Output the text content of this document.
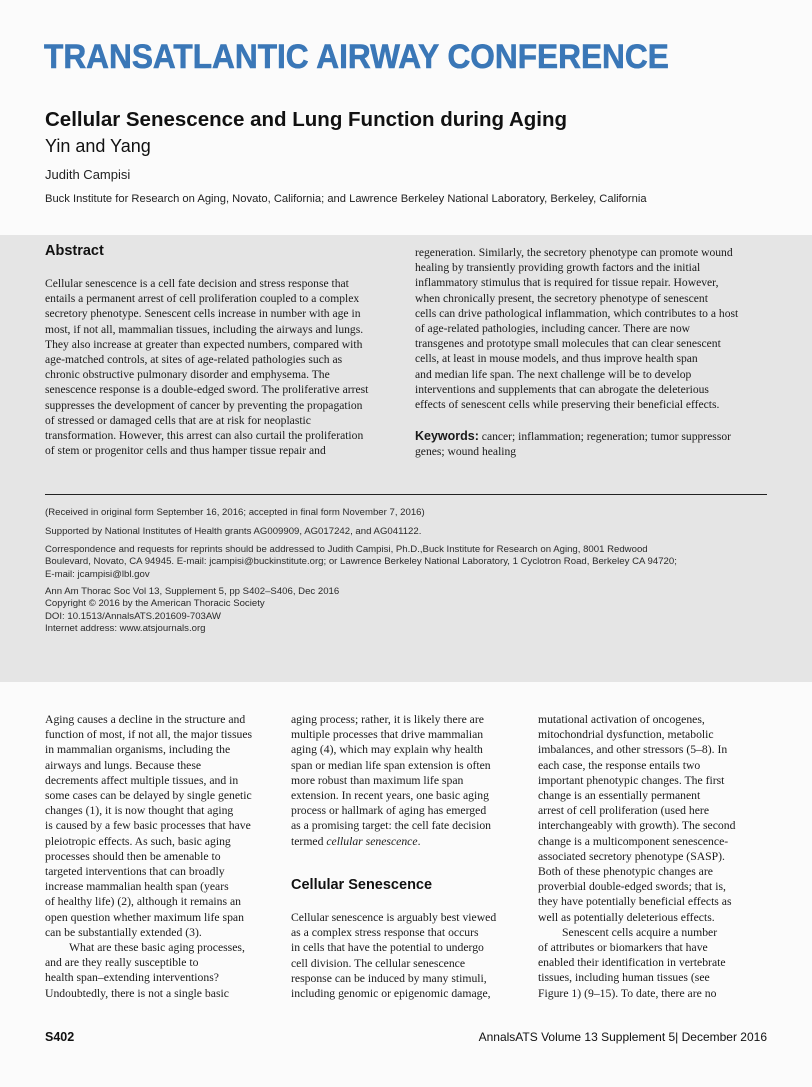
TRANSATLANTIC AIRWAY CONFERENCE
Cellular Senescence and Lung Function during Aging
Yin and Yang
Judith Campisi
Buck Institute for Research on Aging, Novato, California; and Lawrence Berkeley National Laboratory, Berkeley, California
Abstract
Cellular senescence is a cell fate decision and stress response that
entails a permanent arrest of cell proliferation coupled to a complex
secretory phenotype. Senescent cells increase in number with age in
most, if not all, mammalian tissues, including the airways and lungs.
They also increase at greater than expected numbers, compared with
age-matched controls, at sites of age-related pathologies such as
chronic obstructive pulmonary disorder and emphysema. The
senescence response is a double-edged sword. The proliferative arrest
suppresses the development of cancer by preventing the propagation
of stressed or damaged cells that are at risk for neoplastic
transformation. However, this arrest can also curtail the proliferation
of stem or progenitor cells and thus hamper tissue repair and
regeneration. Similarly, the secretory phenotype can promote wound
healing by transiently providing growth factors and the initial
inflammatory stimulus that is required for tissue repair. However,
when chronically present, the secretory phenotype of senescent
cells can drive pathological inflammation, which contributes to a host
of age-related pathologies, including cancer. There are now
transgenes and prototype small molecules that can clear senescent
cells, at least in mouse models, and thus improve health span
and median life span. The next challenge will be to develop
interventions and supplements that can abrogate the deleterious
effects of senescent cells while preserving their beneficial effects.
Keywords: cancer; inflammation; regeneration; tumor suppressor
genes; wound healing
(Received in original form September 16, 2016; accepted in final form November 7, 2016)
Supported by National Institutes of Health grants AG009909, AG017242, and AG041122.
Correspondence and requests for reprints should be addressed to Judith Campisi, Ph.D.,Buck Institute for Research on Aging, 8001 Redwood
Boulevard, Novato, CA 94945. E-mail: jcampisi@buckinstitute.org; or Lawrence Berkeley National Laboratory, 1 Cyclotron Road, Berkeley CA 94720;
E-mail: jcampisi@lbl.gov
Ann Am Thorac Soc Vol 13, Supplement 5, pp S402–S406, Dec 2016
Copyright © 2016 by the American Thoracic Society
DOI: 10.1513/AnnalsATS.201609-703AW
Internet address: www.atsjournals.org
Aging causes a decline in the structure and
function of most, if not all, the major tissues
in mammalian organisms, including the
airways and lungs. Because these
decrements affect multiple tissues, and in
some cases can be delayed by single genetic
changes (1), it is now thought that aging
is caused by a few basic processes that have
pleiotropic effects. As such, basic aging
processes should then be amenable to
targeted interventions that can broadly
increase mammalian health span (years
of healthy life) (2), although it remains an
open question whether maximum life span
can be substantially extended (3).
What are these basic aging processes,
and are they really susceptible to
health span–extending interventions?
Undoubtedly, there is not a single basic
aging process; rather, it is likely there are
multiple processes that drive mammalian
aging (4), which may explain why health
span or median life span extension is often
more robust than maximum life span
extension. In recent years, one basic aging
process or hallmark of aging has emerged
as a promising target: the cell fate decision
termed cellular senescence.
Cellular Senescence
Cellular senescence is arguably best viewed
as a complex stress response that occurs
in cells that have the potential to undergo
cell division. The cellular senescence
response can be induced by many stimuli,
including genomic or epigenomic damage,
mutational activation of oncogenes,
mitochondrial dysfunction, metabolic
imbalances, and other stressors (5–8). In
each case, the response entails two
important phenotypic changes. The first
change is an essentially permanent
arrest of cell proliferation (used here
interchangeably with growth). The second
change is a multicomponent senescence-
associated secretory phenotype (SASP).
Both of these phenotypic changes are
proverbial double-edged swords; that is,
they have potentially beneficial effects as
well as potentially deleterious effects.
Senescent cells acquire a number
of attributes or biomarkers that have
enabled their identification in vertebrate
tissues, including human tissues (see
Figure 1) (9–15). To date, there are no
S402	AnnalsATS Volume 13 Supplement 5| December 2016
